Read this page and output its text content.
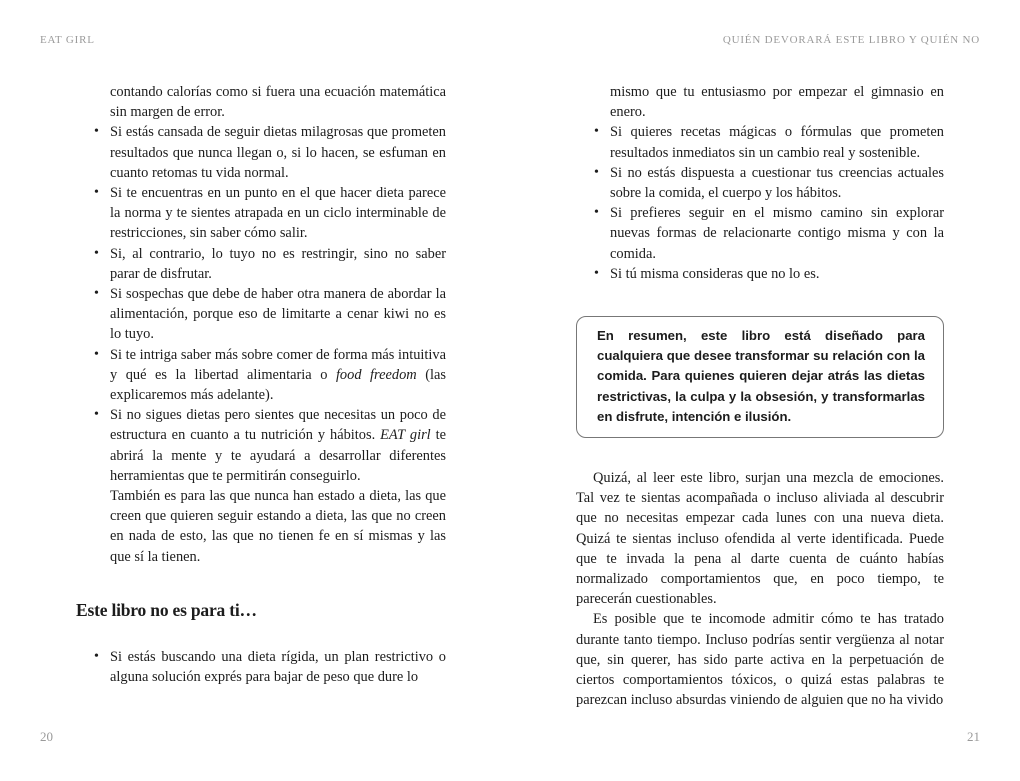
EAT GIRL	QUIÉN DEVORARÁ ESTE LIBRO Y QUIÉN NO
contando calorías como si fuera una ecuación matemática sin margen de error.
• Si estás cansada de seguir dietas milagrosas que prometen resultados que nunca llegan o, si lo hacen, se esfuman en cuanto retomas tu vida normal.
• Si te encuentras en un punto en el que hacer dieta parece la norma y te sientes atrapada en un ciclo interminable de restricciones, sin saber cómo salir.
• Si, al contrario, lo tuyo no es restringir, sino no saber parar de disfrutar.
• Si sospechas que debe de haber otra manera de abordar la alimentación, porque eso de limitarte a cenar kiwi no es lo tuyo.
• Si te intriga saber más sobre comer de forma más intuitiva y qué es la libertad alimentaria o food freedom (las explicaremos más adelante).
• Si no sigues dietas pero sientes que necesitas un poco de estructura en cuanto a tu nutrición y hábitos. EAT girl te abrirá la mente y te ayudará a desarrollar diferentes herramientas que te permitirán conseguirlo.
También es para las que nunca han estado a dieta, las que creen que quieren seguir estando a dieta, las que no creen en nada de esto, las que no tienen fe en sí mismas y las que sí la tienen.
Este libro no es para ti…
• Si estás buscando una dieta rígida, un plan restrictivo o alguna solución exprés para bajar de peso que dure lo
mismo que tu entusiasmo por empezar el gimnasio en enero.
• Si quieres recetas mágicas o fórmulas que prometen resultados inmediatos sin un cambio real y sostenible.
• Si no estás dispuesta a cuestionar tus creencias actuales sobre la comida, el cuerpo y los hábitos.
• Si prefieres seguir en el mismo camino sin explorar nuevas formas de relacionarte contigo misma y con la comida.
• Si tú misma consideras que no lo es.
En resumen, este libro está diseñado para cualquiera que desee transformar su relación con la comida. Para quienes quieren dejar atrás las dietas restrictivas, la culpa y la obsesión, y transformarlas en disfrute, intención e ilusión.

Quizá, al leer este libro, surjan una mezcla de emociones. Tal vez te sientas acompañada o incluso aliviada al descubrir que no necesitas empezar cada lunes con una nueva dieta. Quizá te sientas incluso ofendida al verte identificada. Puede que te invada la pena al darte cuenta de cuánto habías normalizado comportamientos que, en poco tiempo, te parecerán cuestionables.

Es posible que te incomode admitir cómo te has tratado durante tanto tiempo. Incluso podrías sentir vergüenza al notar que, sin querer, has sido parte activa en la perpetuación de ciertos comportamientos tóxicos, o quizá estas palabras te parezcan incluso absurdas viniendo de alguien que no ha vivido

20	21
